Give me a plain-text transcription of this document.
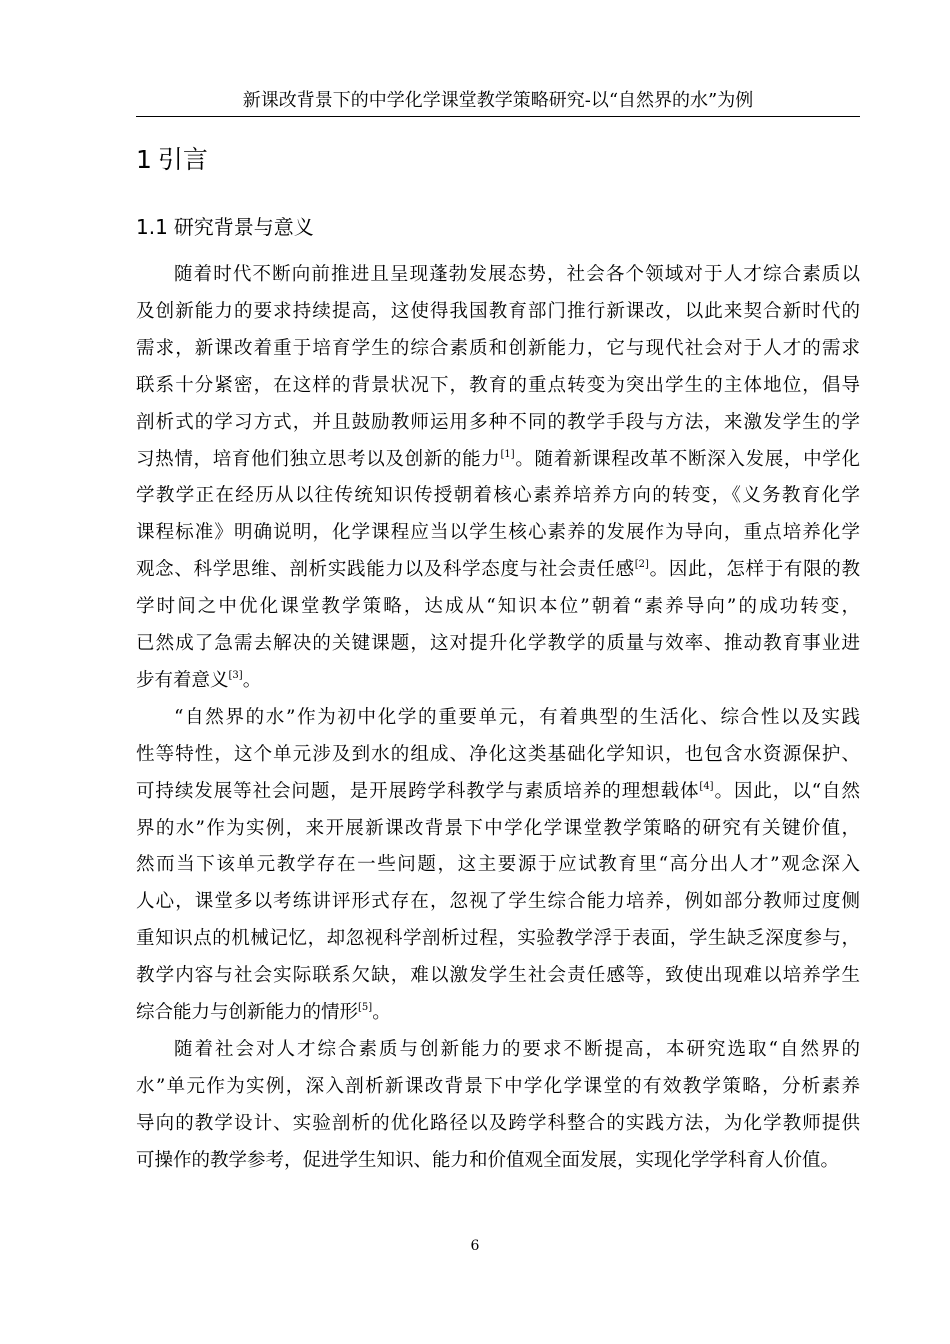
新课改背景下的中学化学课堂教学策略研究-以“自然界的水”为例
1 引言
1.1 研究背景与意义
随着时代不断向前推进且呈现蓬勃发展态势，社会各个领域对于人才综合素质以
及创新能力的要求持续提高，这使得我国教育部门推行新课改，以此来契合新时代的
需求，新课改着重于培育学生的综合素质和创新能力，它与现代社会对于人才的需求
联系十分紧密，在这样的背景状况下，教育的重点转变为突出学生的主体地位，倡导
剖析式的学习方式，并且鼓励教师运用多种不同的教学手段与方法，来激发学生的学
习热情，培育他们独立思考以及创新的能力[1]。随着新课程改革不断深入发展，中学化
学教学正在经历从以往传统知识传授朝着核心素养培养方向的转变，《义务教育化学
课程标准》明确说明，化学课程应当以学生核心素养的发展作为导向，重点培养化学
观念、科学思维、剖析实践能力以及科学态度与社会责任感[2]。因此，怎样于有限的教
学时间之中优化课堂教学策略，达成从“知识本位”朝着“素养导向”的成功转变，
已然成了急需去解决的关键课题，这对提升化学教学的质量与效率、推动教育事业进
步有着意义[3]。
“自然界的水”作为初中化学的重要单元，有着典型的生活化、综合性以及实践
性等特性，这个单元涉及到水的组成、净化这类基础化学知识，也包含水资源保护、
可持续发展等社会问题，是开展跨学科教学与素质培养的理想载体[4]。因此，以“自然
界的水”作为实例，来开展新课改背景下中学化学课堂教学策略的研究有关键价值，
然而当下该单元教学存在一些问题，这主要源于应试教育里“高分出人才”观念深入
人心，课堂多以考练讲评形式存在，忽视了学生综合能力培养，例如部分教师过度侧
重知识点的机械记忆，却忽视科学剖析过程，实验教学浮于表面，学生缺乏深度参与，
教学内容与社会实际联系欠缺，难以激发学生社会责任感等，致使出现难以培养学生
综合能力与创新能力的情形[5]。
随着社会对人才综合素质与创新能力的要求不断提高，本研究选取“自然界的
水”单元作为实例，深入剖析新课改背景下中学化学课堂的有效教学策略，分析素养
导向的教学设计、实验剖析的优化路径以及跨学科整合的实践方法，为化学教师提供
可操作的教学参考，促进学生知识、能力和价值观全面发展，实现化学学科育人价值。
6
